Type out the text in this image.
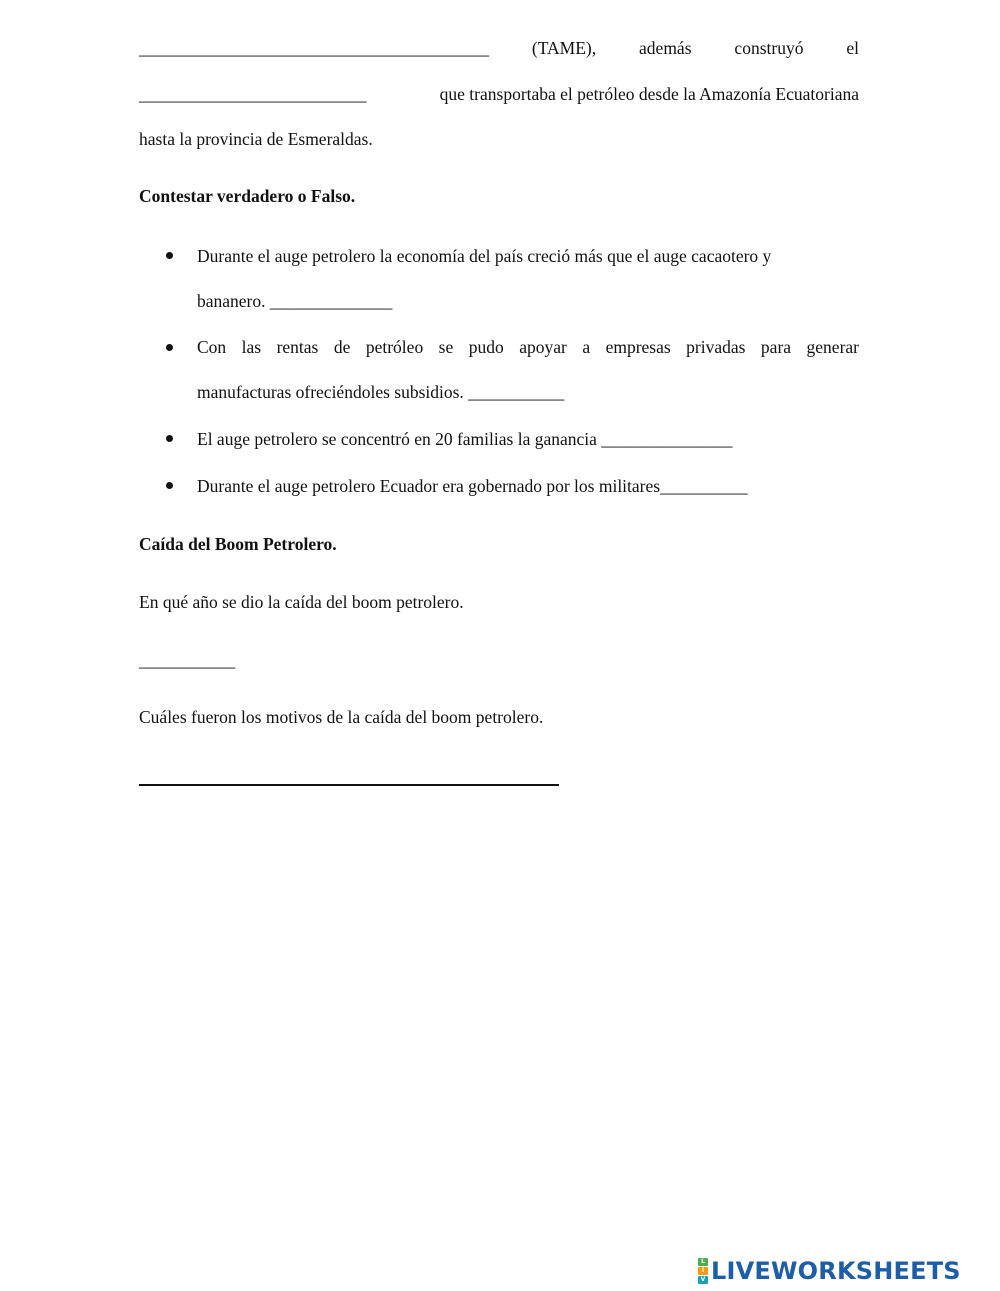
________________________________________ (TAME), además construyó el
__________________________	que transportaba el petróleo desde la Amazonía Ecuatoriana
hasta la provincia de Esmeraldas.
Contestar verdadero o Falso.
Durante el auge petrolero la economía del país creció más que el auge cacaotero y
bananero. ______________
Con las rentas de petróleo se pudo apoyar a empresas privadas para generar
manufacturas ofreciéndoles subsidios. ___________
El auge petrolero se concentró en 20 familias la ganancia _______________
Durante el auge petrolero Ecuador era gobernado por los militares__________
Caída del Boom Petrolero.
En qué año se dio la caída del boom petrolero.
___________
Cuáles fueron los motivos de la caída del boom petrolero.
L
I
V LIVEWORKSHEETS
